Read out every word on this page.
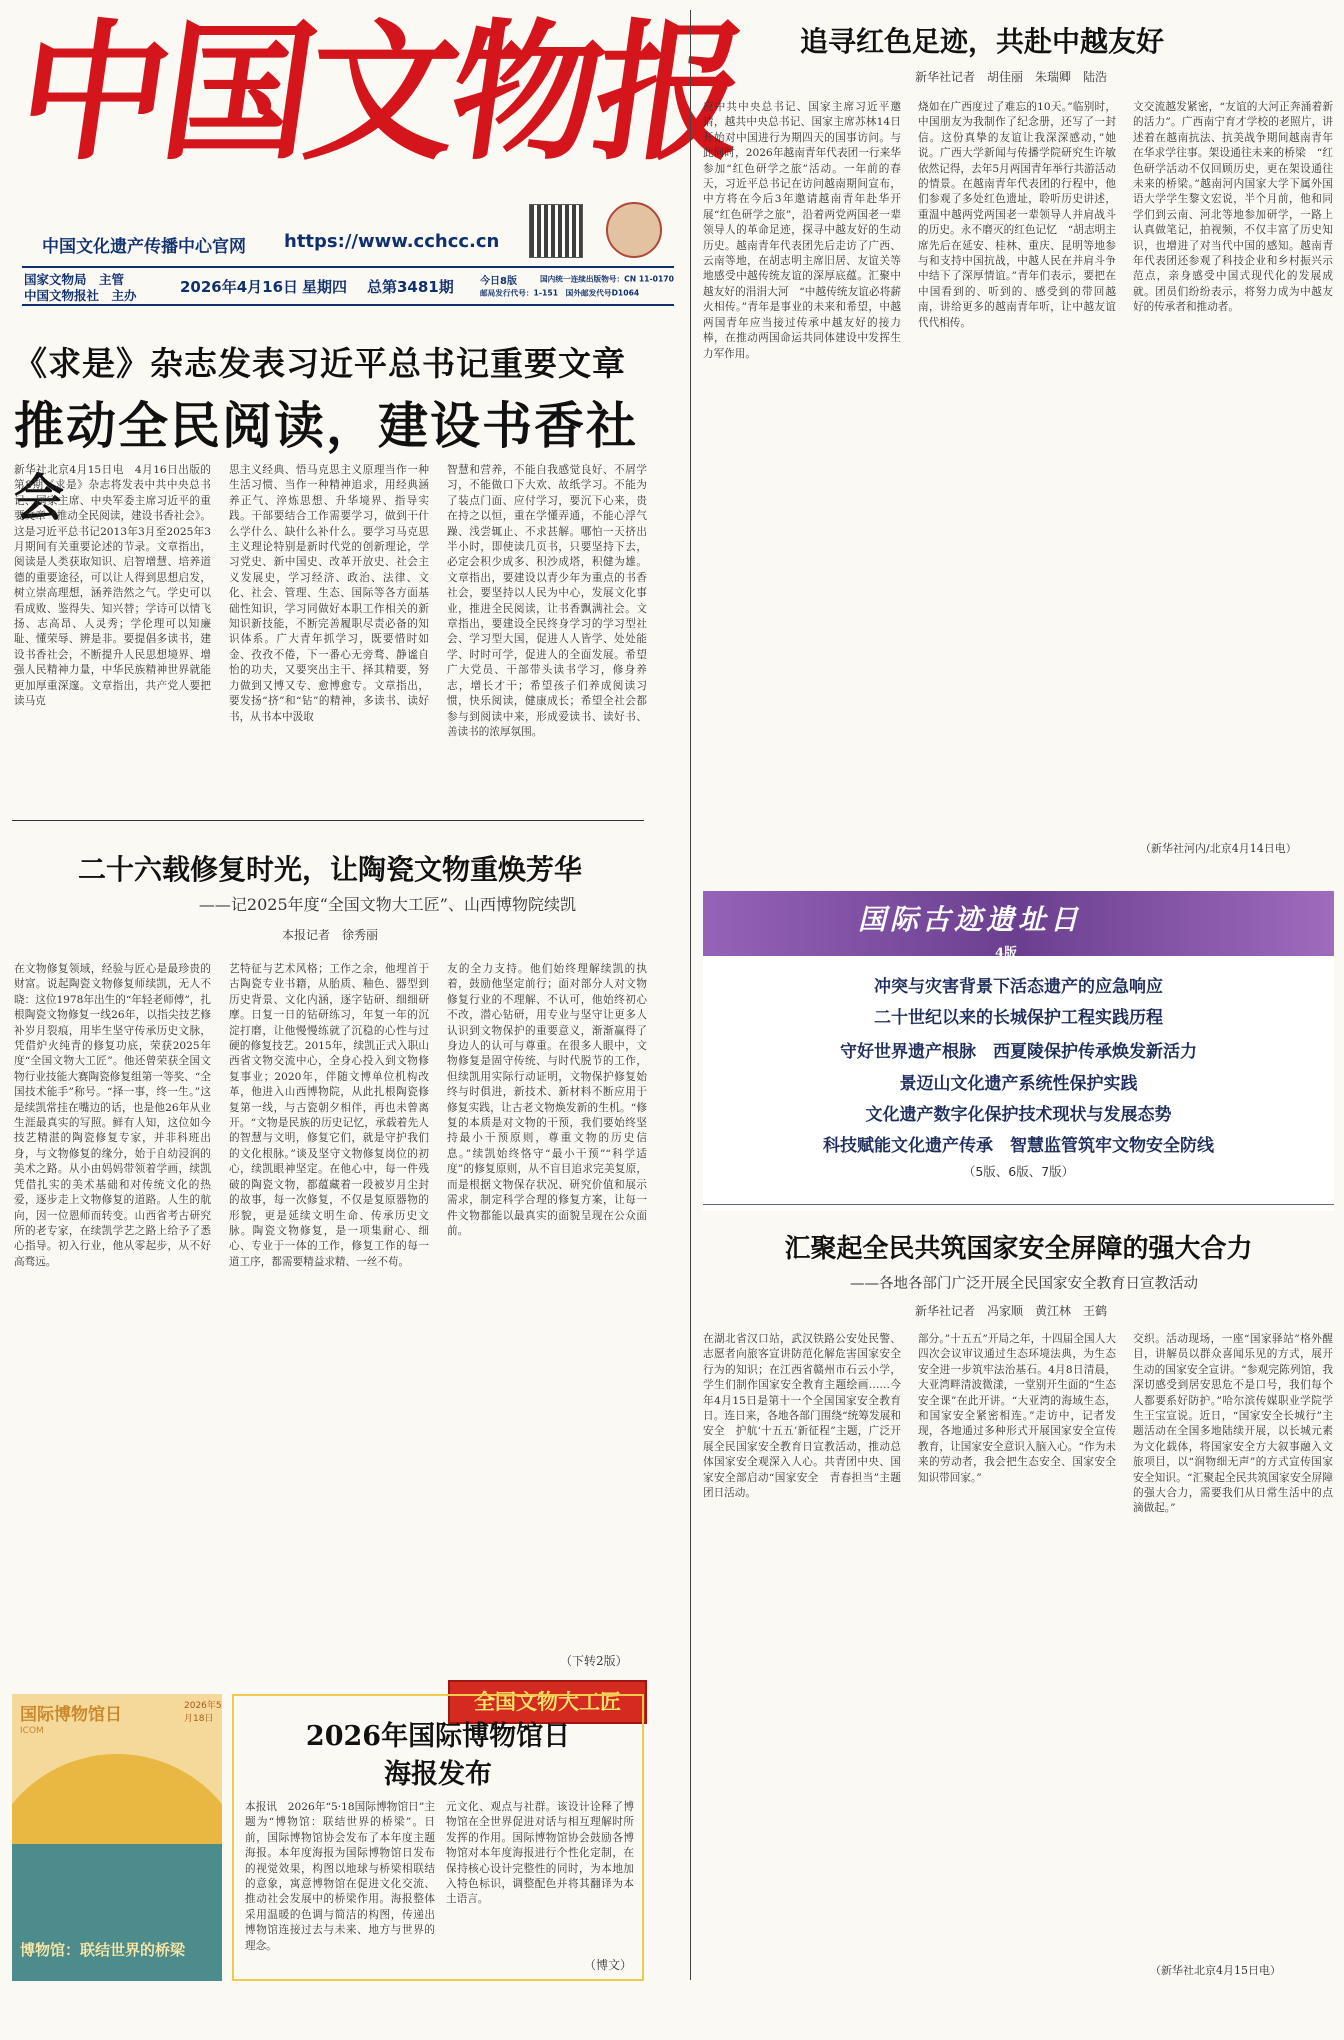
中国文物报
中国文化遗产传播中心官网 https://www.cchcc.cn
国家文物局　主管
中国文物报社　主办	2026年4月16日 星期四 总第3481期	今日8版
邮局发行代号：1-151　国外邮发代号D1064
国内统一连续出版物号：CN 11-0170
《求是》杂志发表习近平总书记重要文章
推动全民阅读，建设书香社会
新华社北京4月15日电　4月16日出版的第8期《求是》杂志将发表中共中央总书记、国家主席、中央军委主席习近平的重要文章《推动全民阅读，建设书香社会》。这是习近平总书记2013年3月至2025年3月期间有关重要论述的节录。文章指出，阅读是人类获取知识、启智增慧、培养道德的重要途径，可以让人得到思想启发，树立崇高理想，涵养浩然之气。学史可以看成败、鉴得失、知兴替；学诗可以情飞扬、志高昂、人灵秀；学伦理可以知廉耻、懂荣辱、辨是非。要提倡多读书，建设书香社会，不断提升人民思想境界、增强人民精神力量，中华民族精神世界就能更加厚重深邃。文章指出，共产党人要把读马克
思主义经典、悟马克思主义原理当作一种生活习惯、当作一种精神追求，用经典涵养正气、淬炼思想、升华境界、指导实践。干部要结合工作需要学习，做到干什么学什么、缺什么补什么。要学习马克思主义理论特别是新时代党的创新理论，学习党史、新中国史、改革开放史、社会主义发展史，学习经济、政治、法律、文化、社会、管理、生态、国际等各方面基础性知识，学习同做好本职工作相关的新知识新技能，不断完善履职尽责必备的知识体系。广大青年抓学习，既要惜时如金、孜孜不倦，下一番心无旁骛、静谧自怡的功夫，又要突出主干、择其精要，努力做到又博又专、愈博愈专。文章指出，要发扬“挤”和“钻”的精神，多读书、读好书，从书本中汲取
智慧和营养，不能自我感觉良好、不屑学习，不能做口下大欢、故纸学习。不能为了装点门面、应付学习，要沉下心来，贵在持之以恒，重在学懂弄通，不能心浮气躁、浅尝辄止、不求甚解。哪怕一天挤出半小时，即使读几页书，只要坚持下去，必定会积少成多、积沙成塔，积健为雄。文章指出，要建设以青少年为重点的书香社会，要坚持以人民为中心，发展文化事业，推进全民阅读，让书香飘满社会。文章指出，要建设全民终身学习的学习型社会、学习型大国，促进人人皆学、处处能学、时时可学，促进人的全面发展。希望广大党员、干部带头读书学习，修身养志，增长才干；希望孩子们养成阅读习惯，快乐阅读，健康成长；希望全社会都参与到阅读中来，形成爱读书、读好书、善读书的浓厚氛围。
二十六载修复时光，让陶瓷文物重焕芳华
——记2025年度“全国文物大工匠”、山西博物院续凯
本报记者　徐秀丽
在文物修复领域，经验与匠心是最珍贵的财富。说起陶瓷文物修复师续凯，无人不晓：这位1978年出生的“年轻老师傅”，扎根陶瓷文物修复一线26年，以指尖技艺修补岁月裂痕，用毕生坚守传承历史文脉，凭借炉火纯青的修复功底，荣获2025年度“全国文物大工匠”。他还曾荣获全国文物行业技能大赛陶瓷修复组第一等奖、“全国技术能手”称号。“择一事，终一生。”这是续凯常挂在嘴边的话，也是他26年从业生涯最真实的写照。鲜有人知，这位如今技艺精湛的陶瓷修复专家，并非科班出身，与文物修复的缘分，始于自幼浸润的美术之路。从小由妈妈带领着学画，续凯凭借扎实的美术基础和对传统文化的热爱，逐步走上文物修复的道路。人生的航向，因一位恩师而转变。山西省考古研究所的老专家，在续凯学艺之路上给予了悉心指导。初入行业，他从零起步，从不好高骛远。
艺特征与艺术风格；工作之余，他埋首于古陶瓷专业书籍，从胎质、釉色、器型到历史背景、文化内涵，逐字钻研、细细研摩。日复一日的钻研练习，年复一年的沉淀打磨，让他慢慢练就了沉稳的心性与过硬的修复技艺。2015年，续凯正式入职山西省文物交流中心，全身心投入到文物修复事业；2020年，伴随文博单位机构改革，他进入山西博物院，从此扎根陶瓷修复第一线，与古瓷朝夕相伴，再也未曾离开。“文物是民族的历史记忆，承载着先人的智慧与文明，修复它们，就是守护我们的文化根脉。”谈及坚守文物修复岗位的初心，续凯眼神坚定。在他心中，每一件残破的陶瓷文物，都蕴藏着一段被岁月尘封的故事，每一次修复，不仅是复原器物的形貌，更是延续文明生命、传承历史文脉。陶瓷文物修复，是一项集耐心、细心、专业于一体的工作，修复工作的每一道工序，都需要精益求精、一丝不苟。
友的全力支持。他们始终理解续凯的执着，鼓励他坚定前行；面对部分人对文物修复行业的不理解、不认可，他始终初心不改，潜心钻研，用专业与坚守让更多人认识到文物保护的重要意义，渐渐赢得了身边人的认可与尊重。在很多人眼中，文物修复是固守传统、与时代脱节的工作，但续凯用实际行动证明，文物保护修复始终与时俱进，新技术、新材料不断应用于修复实践，让古老文物焕发新的生机。“修复的本质是对文物的干预，我们要始终坚持最小干预原则，尊重文物的历史信息。”续凯始终恪守“最小干预”“科学适度”的修复原则，从不盲目追求完美复原，而是根据文物保存状况、研究价值和展示需求，制定科学合理的修复方案，让每一件文物都能以最真实的面貌呈现在公众面前。
（下转2版）
全国文物大工匠
国际博物馆日	2026年5月18日
ICOM
博物馆：联结世界的桥梁
2026年国际博物馆日
海报发布
本报讯　2026年“5·18国际博物馆日”主题为“博物馆：联结世界的桥梁”。日前，国际博物馆协会发布了本年度主题海报。本年度海报为国际博物馆日发布的视觉效果，构图以地球与桥梁相联结的意象，寓意博物馆在促进文化交流、推动社会发展中的桥梁作用。海报整体采用温暖的色调与简洁的构图，传递出博物馆连接过去与未来、地方与世界的理念。
元文化、观点与社群。该设计诠释了博物馆在全世界促进对话与相互理解时所发挥的作用。国际博物馆协会鼓励各博物馆对本年度海报进行个性化定制，在保持核心设计完整性的同时，为本地加入特色标识，调整配色并将其翻译为本土语言。
（博文）
追寻红色足迹，共赴中越友好
新华社记者　胡佳丽　朱瑞卿　陆浩
应中共中央总书记、国家主席习近平邀请，越共中央总书记、国家主席苏林14日开始对中国进行为期四天的国事访问。与此同时，2026年越南青年代表团一行来华参加“红色研学之旅”活动。一年前的春天，习近平总书记在访问越南期间宣布，中方将在今后3年邀请越南青年赴华开展“红色研学之旅”，沿着两党两国老一辈领导人的革命足迹，探寻中越友好的生动历史。越南青年代表团先后走访了广西、云南等地，在胡志明主席旧居、友谊关等地感受中越传统友谊的深厚底蕴。汇聚中越友好的涓涓大河　“中越传统友谊必将薪火相传。”青年是事业的未来和希望，中越两国青年应当接过传承中越友好的接力棒，在推动两国命运共同体建设中发挥生力军作用。
烧如在广西度过了难忘的10天。”临别时，中国朋友为我制作了纪念册，还写了一封信。这份真挚的友谊让我深深感动，”她说。广西大学新闻与传播学院研究生许敏依然记得，去年5月两国青年举行共游活动的情景。在越南青年代表团的行程中，他们参观了多处红色遗址，聆听历史讲述，重温中越两党两国老一辈领导人并肩战斗的历史。永不磨灭的红色记忆　“胡志明主席先后在延安、桂林、重庆、昆明等地参与和支持中国抗战，中越人民在并肩斗争中结下了深厚情谊。”青年们表示，要把在中国看到的、听到的、感受到的带回越南，讲给更多的越南青年听，让中越友谊代代相传。
文交流越发紧密，“友谊的大河正奔涌着新的活力”。广西南宁育才学校的老照片，讲述着在越南抗法、抗美战争期间越南青年在华求学往事。架设通往未来的桥梁　“红色研学活动不仅回顾历史，更在架设通往未来的桥梁。”越南河内国家大学下属外国语大学学生黎文宏说，半个月前，他和同学们到云南、河北等地参加研学，一路上认真做笔记，拍视频，不仅丰富了历史知识，也增进了对当代中国的感知。越南青年代表团还参观了科技企业和乡村振兴示范点，亲身感受中国式现代化的发展成就。团员们纷纷表示，将努力成为中越友好的传承者和推动者。
（新华社河内/北京4月14日电）
国际古迹遗址日
4版
冲突与灾害背景下活态遗产的应急响应
二十世纪以来的长城保护工程实践历程
守好世界遗产根脉　西夏陵保护传承焕发新活力
景迈山文化遗产系统性保护实践
文化遗产数字化保护技术现状与发展态势
科技赋能文化遗产传承　智慧监管筑牢文物安全防线
（5版、6版、7版）
汇聚起全民共筑国家安全屏障的强大合力
——各地各部门广泛开展全民国家安全教育日宣教活动
新华社记者　冯家顺　黄江林　王鹤
在湖北省汉口站，武汉铁路公安处民警、志愿者向旅客宣讲防范化解危害国家安全行为的知识；在江西省赣州市石云小学，学生们制作国家安全教育主题绘画……今年4月15日是第十一个全国国家安全教育日。连日来，各地各部门围绕“统筹发展和安全　护航‘十五五’新征程”主题，广泛开展全民国家安全教育日宣教活动，推动总体国家安全观深入人心。共青团中央、国家安全部启动“国家安全　青春担当”主题团日活动。
部分。”十五五”开局之年，十四届全国人大四次会议审议通过生态环境法典，为生态安全进一步筑牢法治基石。4月8日清晨，大亚湾畔清波微漾，一堂别开生面的“生态安全课”在此开讲。“大亚湾的海域生态，和国家安全紧密相连。”走访中，记者发现，各地通过多种形式开展国家安全宣传教育，让国家安全意识入脑入心。“作为未来的劳动者，我会把生态安全、国家安全知识带回家。”
交织。活动现场，一座“国家驿站”格外醒目，讲解员以群众喜闻乐见的方式，展开生动的国家安全宣讲。“参观完陈列馆，我深切感受到居安思危不是口号，我们每个人都要系好防护。”哈尔滨传媒职业学院学生王宝宣说。近日，“国家安全长城行”主题活动在全国多地陆续开展，以长城元素为文化载体，将国家安全方大叙事融入文旅项目，以“润物细无声”的方式宣传国家安全知识。“汇聚起全民共筑国家安全屏障的强大合力，需要我们从日常生活中的点滴做起。”
（新华社北京4月15日电）
